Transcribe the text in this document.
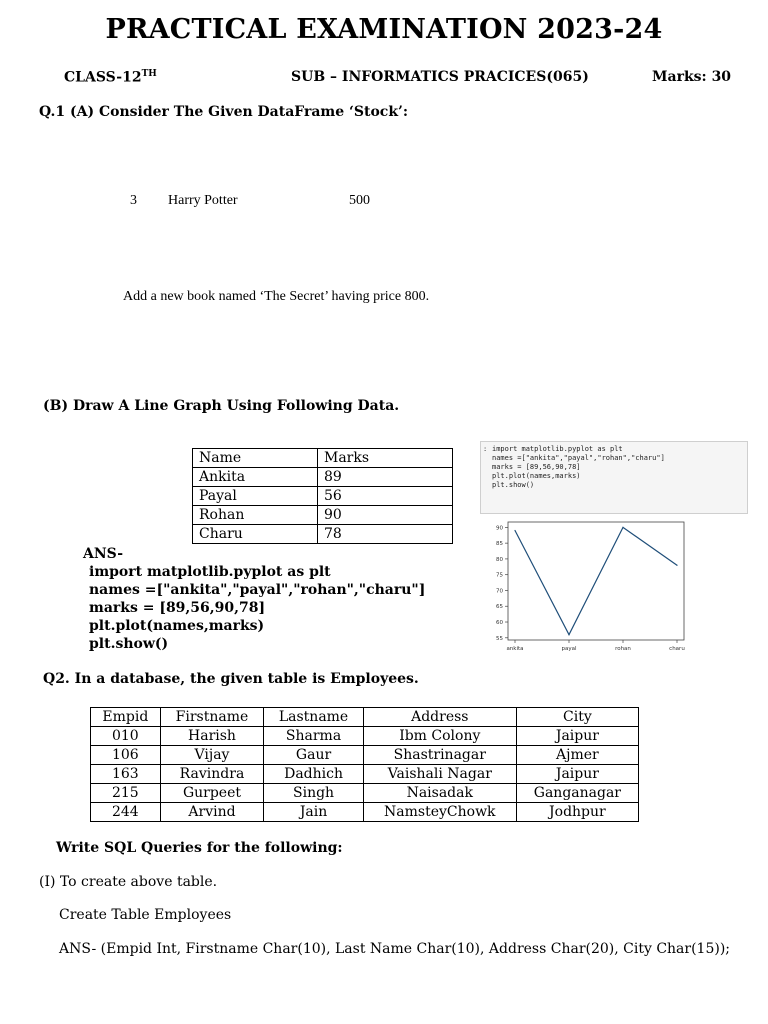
PRACTICAL EXAMINATION 2023-24
CLASS-12TH	SUB – INFORMATICS PRACICES(065)	Marks: 30
Q.1 (A) Consider The Given DataFrame ‘Stock’:
3 Harry Potter	500
Add a new book named ‘The Secret’ having price 800.
(B) Draw A Line Graph Using Following Data.
Name	Marks
Ankita	89
Payal	56
Rohan	90
Charu	78
ANS-
import matplotlib.pyplot as plt
names =["ankita","payal","rohan","charu"]
marks = [89,56,90,78]
plt.plot(names,marks)
plt.show()
: import matplotlib.pyplot as plt
names =["ankita","payal","rohan","charu"]
marks = [89,56,90,78]
plt.plot(names,marks)
plt.show()
55
60
65
70
75
80
85
90
ankita	payal	rohan	charu
Q2. In a database, the given table is Employees.
Empid	Firstname	Lastname	Address	City
010	Harish	Sharma	Ibm Colony	Jaipur
106	Vijay	Gaur	Shastrinagar	Ajmer
163	Ravindra	Dadhich	Vaishali Nagar	Jaipur
215	Gurpeet	Singh	Naisadak	Ganganagar
244	Arvind	Jain	NamsteyChowk	Jodhpur
Write SQL Queries for the following:
(I) To create above table.
Create Table Employees
ANS- (Empid Int, Firstname Char(10), Last Name Char(10), Address Char(20), City Char(15));
